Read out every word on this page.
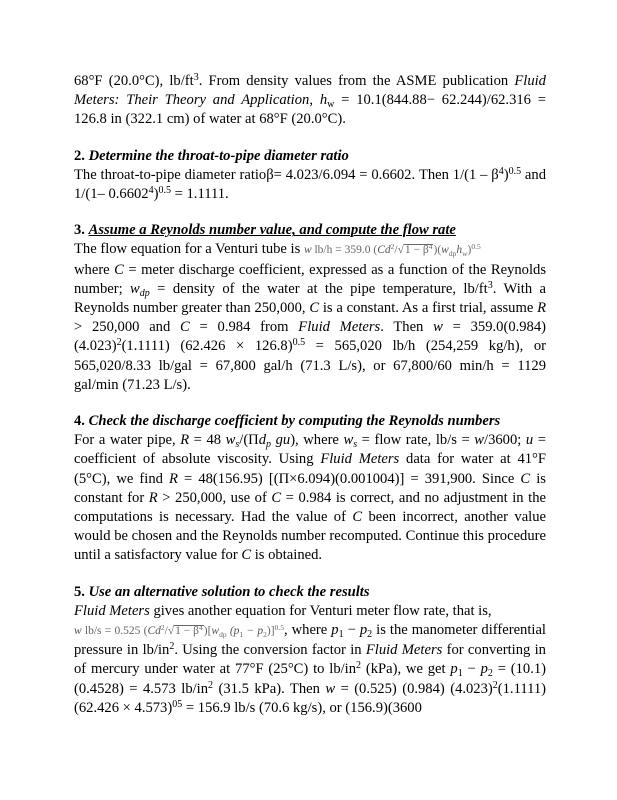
68°F (20.0°C), $lb/ft^3$. From density values from the ASME publication Fluid Meters: Their Theory and Application, $h_w = 10.1(844.88- 62.244)/62.316 = 126.8$ in (322.1 cm) of water at 68°F (20.0°C).

2. Determine the throat-to-pipe diameter ratio

The throat-to-pipe diameter ratioβ= 4.023/6.094 = 0.6602. Then $1/(1 - \beta^4)^{0.5}$ and 1/(1– $0.6602^4)^{0.5} = 1.1111$.

3. Assume a Reynolds number value, and compute the flow rate

The flow equation for a Venturi tube is w lb/h = 359.0 $(Cd^2/√1 - \beta^4)(w_{dp}h_w)^{0.5}$
where C = meter discharge coefficient, expressed as a function of the Reynolds number; $w_{dp}$ = density of the water at the pipe temperature, $lb/ft^3$. With a Reynolds number greater than 250,000, C is a constant. As a first trial, assume R > 250,000 and C = 0.984 from Fluid Meters. Then $w = 359.0(0.984)(4.023)^2(1.1111) (62.426 \times 126.8)^{0.5} = 565,020$ lb/h (254,259 kg/h), or 565,020/8.33 lb/gal = 67,800 gal/h (71.3 L/s), or 67,800/60 min/h = 1129 gal/min (71.23 L/s).

4. Check the discharge coefficient by computing the Reynolds numbers

For a water pipe, R = 48 $w_s/(\Pi d_p$ gu), where $w_s$ = flow rate, lb/s = w/3600; u = coefficient of absolute viscosity. Using Fluid Meters data for water at 41°F (5°C), we find R = 48(156.95) [(Π×6.094)(0.001004)] = 391,900. Since C is constant for R > 250,000, use of C = 0.984 is correct, and no adjustment in the computations is necessary. Had the value of C been incorrect, another value would be chosen and the Reynolds number recomputed. Continue this procedure until a satisfactory value for C is obtained.

5. Use an alternative solution to check the results

Fluid Meters gives another equation for Venturi meter flow rate, that is,
w lb/s = 0.525 $(Cd^2/√1 - \beta^4)[w_{dp}$ $(p_1 - p_2)]^{0.5}$, where $p_1 - p_2$ is the manometer differential pressure in $lb/in^2$. Using the conversion factor in Fluid Meters for converting in of mercury under water at 77°F (25°C) to $lb/in^2$ (kPa), we get $p_1 - p_2 = (10.1)(0.4528) = 4.573$ $lb/in^2$ (31.5 kPa). Then w = (0.525) (0.984) $(4.023)^2(1.1111)(62.426 \times 4.573)^{05} = 156.9$ lb/s (70.6 kg/s), or (156.9)(3600
